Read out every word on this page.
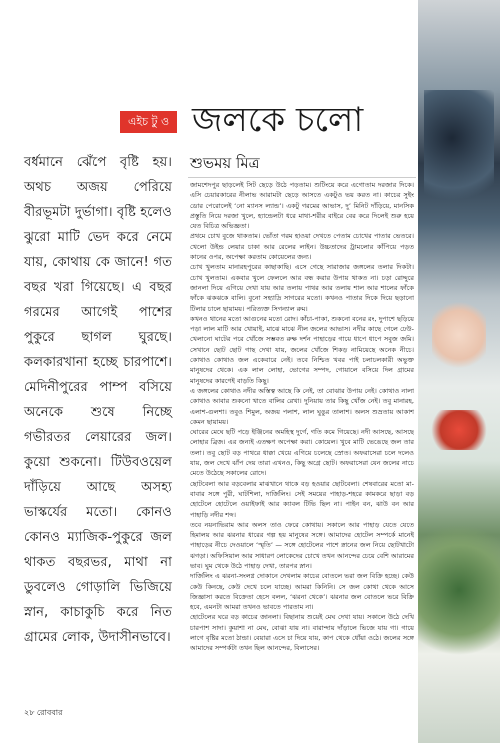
এইচ টু ও জলকে চলো
বর্ধমানে ঝেঁপে বৃষ্টি হয়। অথচ অজয় পেরিয়ে বীরভূমটা দুর্ভাগা। বৃষ্টি হলেও ঝুরো মাটি ভেদ করে নেমে যায়, কোথায় কে জানে! গত বছর খরা গিয়েছে। এ বছর গরমের আগেই পাশের পুকুরে ছাগল ঘুরছে। কলকারখানা হচ্ছে চারপাশে। মেদিনীপুরের পাম্প বসিয়ে অনেকে শুষে নিচ্ছে গভীরতর লেয়ারের জল। কুয়ো শুকনো। টিউবওয়েল দাঁড়িয়ে আছে অসহ্য ভাস্কর্যের মতো। কোনও কোনও ম্যাজিক-পুকুরে জল থাকত বছরভর, মাথা না ডুবলেও গোড়ালি ভিজিয়ে স্নান, কাচাকুচি করে নিত গ্রামের লোক, উদাসীনভাবে।
শুভময় মিত্র

জামশেদপুর ছাড়লেই সিট ছেড়ে উঠে পড়তাম। শুটিংয়ে করে এগোতাম দরজার দিকে। এসি চেয়ারকারের নীলাভ আরামটা ছেড়ে আসতে একটুও ভয় করত না। কাচের সুইং ডোর পেরোলেই ‘নো ম্যানস ল্যান্ড’। একটু গরমের আভাস, দু’ মিনিট দাঁড়িয়ে, মানসিক প্রস্তুতি নিয়ে দরজা খুলে, হ্যান্ডেলটা ধরে মাথা-শরীর বাইরে বের করে দিলেই শুরু হয়ে যেত বিচিত্র অভিজ্ঞতা।

প্রথমে চোখ বুজে থাকতাম। ভোঁতা গরম হাওয়া দেখতে পেতাম চোখের পাতার ভেতরে। খেলো উইন্ড লেয়ার চাকা আর রেলের লাইন। উচ্চতাদের ট্রামলোর কাঁপিয়ে পড়ত কানের ওপর, অপেক্ষা করতাম কোয়েলের জন্য।

চোখ খুলতাম মানারহপুরের কাছাকাছি। এসে গেছে সারাজার জঙ্গলের তলার দিকটা। চোখ খুলতাম। একবার খুলে ফেললে আর বন্ধ করার উপায় থাকত না। চড়া রোদ্দুরে জানলা দিয়ে এগিয়ে দেখা যায় আর তলায় পাথর আর তলায় শাল আর শালের ফাঁকে ফাঁকে ঝকঝকে বালি। বুনো সহ্যাদ্রি সাগরের মতো। কখনও পাতার দিকে দিয়ে ছড়ানো টিলার চালে ছায়াময়। পরিত্যক্ত সিগন্যাল রুম।

কখনও থানের মতো আগুনের মতো রোদ। কাঁচা-পাকা, শুকনো বনের রং, দুপাশে ছড়িয়ে পড়া লাল মাটি আর খোয়াই, মাঝে মাঝে নীল জলের আভাস। নদীর কাছে গেলে ঢেউ-খেলানো ঘাটের পরে খোঁজে সম্ভবত রুক্ষ দর্শন পাহাড়ের গায়ে ধাপে ধাপে সবুজ জমি। সেখানে ছোট ছোট গাছ দেখা যায়, জলের খোঁজে শিকড় নামিয়েছে অনেক নীচে। কোথাও কোথাও জল একেবারে নেই। তবে নিশ্চিত খবর পাই চলাচলকারী অভুক্ত মানুষদের থেকে। এক লাল লোহা, ভোগের সম্পদ, গোয়ালে বসিয়ে দিল গ্রামের মানুষদের কারণেই বাড়তি কিছু।

এ জঙ্গলের কোথাও নদীর অস্তিত্ব আছে কি নেই, তা বোঝার উপায় নেই। কোথাও নালা কোথাও আবার শুকনো খাতে বালির রেখা। দুনিয়ায় তার কিছু খোঁজ নেই। তবু মানারহ, এলাশ-গুলশা। তবুও শিমুল, অজয় পলাশ, লাল ঘুঙুর তালাশ। অলস শুভ্রতায় আকাশ কেমন ছায়াময়।

ঘোরের মেঘে ছটি পড়ে ইঞ্জিনের অমহিস্থ দুর্গে, গতি কমে গিয়েছে। নদী আসছে, আসছে লোহার ব্রিজ। এর জন্যই এতক্ষণ অপেক্ষা করা। কোয়েল। খুবে মাটি ভেঙেছে জল তার তলা। তবু ছোট বড় পাথরে ধাক্কা খেয়ে এগিয়ে চলেছে স্রোত। অফরাসেরা চলে দলেও যায়, জল দেখে ঝাঁপ দেয় তারা এখনও, কিছু অগ্রে ছোট। অফরাসেরা যেন জলের নাচে মেতে উঠেছে সকালের রোদে।

ছোটবেলা আর বড়বেলার মাঝখানে থাকে বড় হওয়ার ছোটবেলা। শেষবারের মতো মা-বাবার সঙ্গে পুরী, ঘাটশিলা, দার্জিলিং। সেই সময়ের পাহাড়-শহরে কামকরে ছাড়া বড় হোটেলে হোটেলে ওয়াইফাই আর ক্যাবল টিভি ছিল না। পাইন বন, ঝাউ বন আর পাহাড়ি নদীর শব্দ।

তবে নয়নাভিরাম আর অলস তাও ফেরে কোথায়। সকালে আর পাহাড় যেতে যেতে হিমালয় আর ঝরনার ধারের গল্প হয় মানুষের সঙ্গে। আমাদের হোটেল সম্পর্কে মানেই পাহাড়ের নীচে দেওয়ালে ‘স্মৃতি’ — সঙ্গে হোটেলের পাশে স্নানের জল নিয়ে ছোটখাটো ঝগড়া। অফিসিয়াল আর সাধারণ লোকেদের চোখে তখন আনন্দের চেয়ে বেশি আরামের ভাব। ঘুম থেকে উঠে পাহাড় দেখা, তারপর স্নান।

দার্জিলিং এ ঝরনা-সংলগ্ন দোকানে দেখলাম কাচের বোতলে ভরা জল বিক্রি হচ্ছে। কেউ কেউ কিনছে, কেউ দেখে চলে যাচ্ছে। আমরা কিনিনি। সে জল কোথা থেকে আসে জিজ্ঞাসা করতে বিক্রেতা হেসে বলল, ‘ঝরনা থেকে’। ঝরনার জল বোতলে ভরে বিক্রি হবে, এমনটা আমরা তখনও ভাবতে পারতাম না।

হোটেলের ঘরে বড় কাচের জানলা। বিছানায় শুয়েই মেঘ দেখা যায়। সকালে উঠে দেখি চারপাশ সাদা। কুয়াশা না মেঘ, বোঝা যায় না। বারান্দায় দাঁড়ালে ভিজে যায় গা। গায়ে লাগে বৃষ্টির মতো ঠান্ডা। বেয়ারা এসে চা দিয়ে যায়, কাপ থেকে ধোঁয়া ওঠে। জলের সঙ্গে আমাদের সম্পর্কটা তখন ছিল আনন্দের, বিলাসের।

২৮ রোববার
